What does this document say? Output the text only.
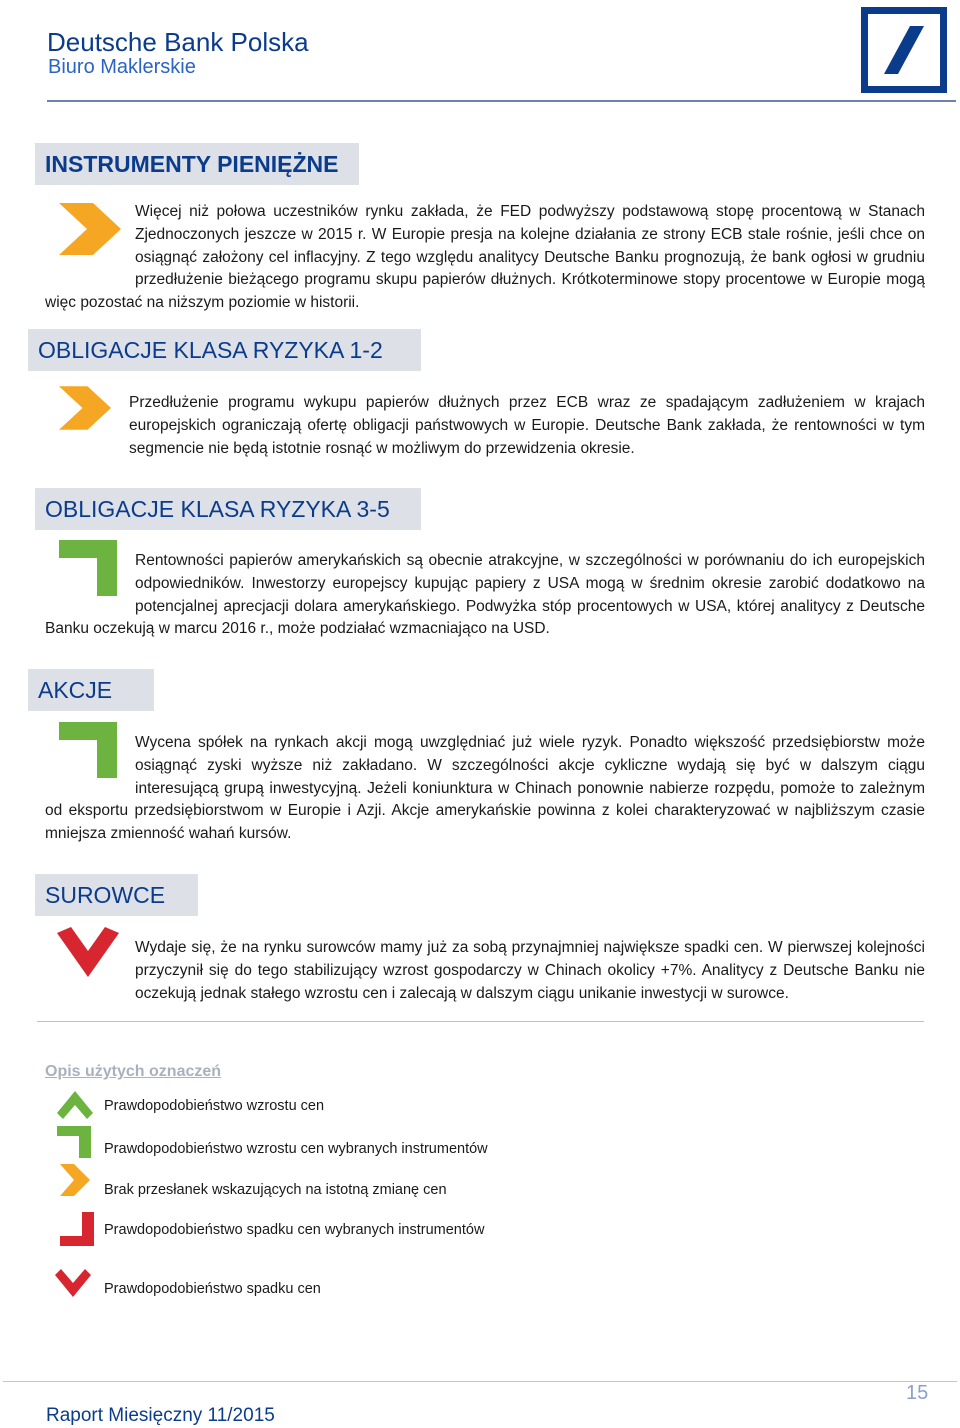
Deutsche Bank Polska
Biuro Maklerskie
INSTRUMENTY PIENIĘŻNE
Więcej niż połowa uczestników rynku zakłada, że FED podwyższy podstawową stopę procentową w Stanach Zjednoczonych jeszcze w 2015 r. W Europie presja na kolejne działania ze strony ECB stale rośnie, jeśli chce on osiągnąć założony cel inflacyjny. Z tego względu analitycy Deutsche Banku prognozują, że bank ogłosi w grudniu przedłużenie bieżącego programu skupu papierów dłużnych. Krótkoterminowe stopy procentowe w Europie mogą więc pozostać na niższym poziomie w historii.
OBLIGACJE KLASA RYZYKA 1-2
Przedłużenie programu wykupu papierów dłużnych przez ECB wraz ze spadającym zadłużeniem w krajach europejskich ograniczają ofertę obligacji państwowych w Europie. Deutsche Bank zakłada, że rentowności w tym segmencie nie będą istotnie rosnąć w możliwym do przewidzenia okresie.
OBLIGACJE KLASA RYZYKA 3-5
Rentowności papierów amerykańskich są obecnie atrakcyjne, w szczególności w porównaniu do ich europejskich odpowiedników. Inwestorzy europejscy kupując papiery z USA mogą w średnim okresie zarobić dodatkowo na potencjalnej aprecjacji dolara amerykańskiego. Podwyżka stóp procentowych w USA, której analitycy z Deutsche Banku oczekują w marcu 2016 r., może podziałać wzmacniająco na USD.
AKCJE
Wycena spółek na rynkach akcji mogą uwzględniać już wiele ryzyk. Ponadto większość przedsiębiorstw może osiągnąć zyski wyższe niż zakładano. W szczególności akcje cykliczne wydają się być w dalszym ciągu interesującą grupą inwestycyjną. Jeżeli koniunktura w Chinach ponownie nabierze rozpędu, pomoże to zależnym od eksportu przedsiębiorstwom w Europie i Azji. Akcje amerykańskie powinna z kolei charakteryzować w najbliższym czasie mniejsza zmienność wahań kursów.
SUROWCE
Wydaje się, że na rynku surowców mamy już za sobą przynajmniej największe spadki cen. W pierwszej kolejności przyczynił się do tego stabilizujący wzrost gospodarczy w Chinach okolicy +7%. Analitycy z Deutsche Banku nie oczekują jednak stałego wzrostu cen i zalecają w dalszym ciągu unikanie inwestycji w surowce.
Opis użytych oznaczeń
Prawdopodobieństwo wzrostu cen
Prawdopodobieństwo wzrostu cen wybranych instrumentów
Brak przesłanek wskazujących na istotną zmianę cen
Prawdopodobieństwo spadku cen wybranych instrumentów
Prawdopodobieństwo spadku cen
15
Raport Miesięczny 11/2015
